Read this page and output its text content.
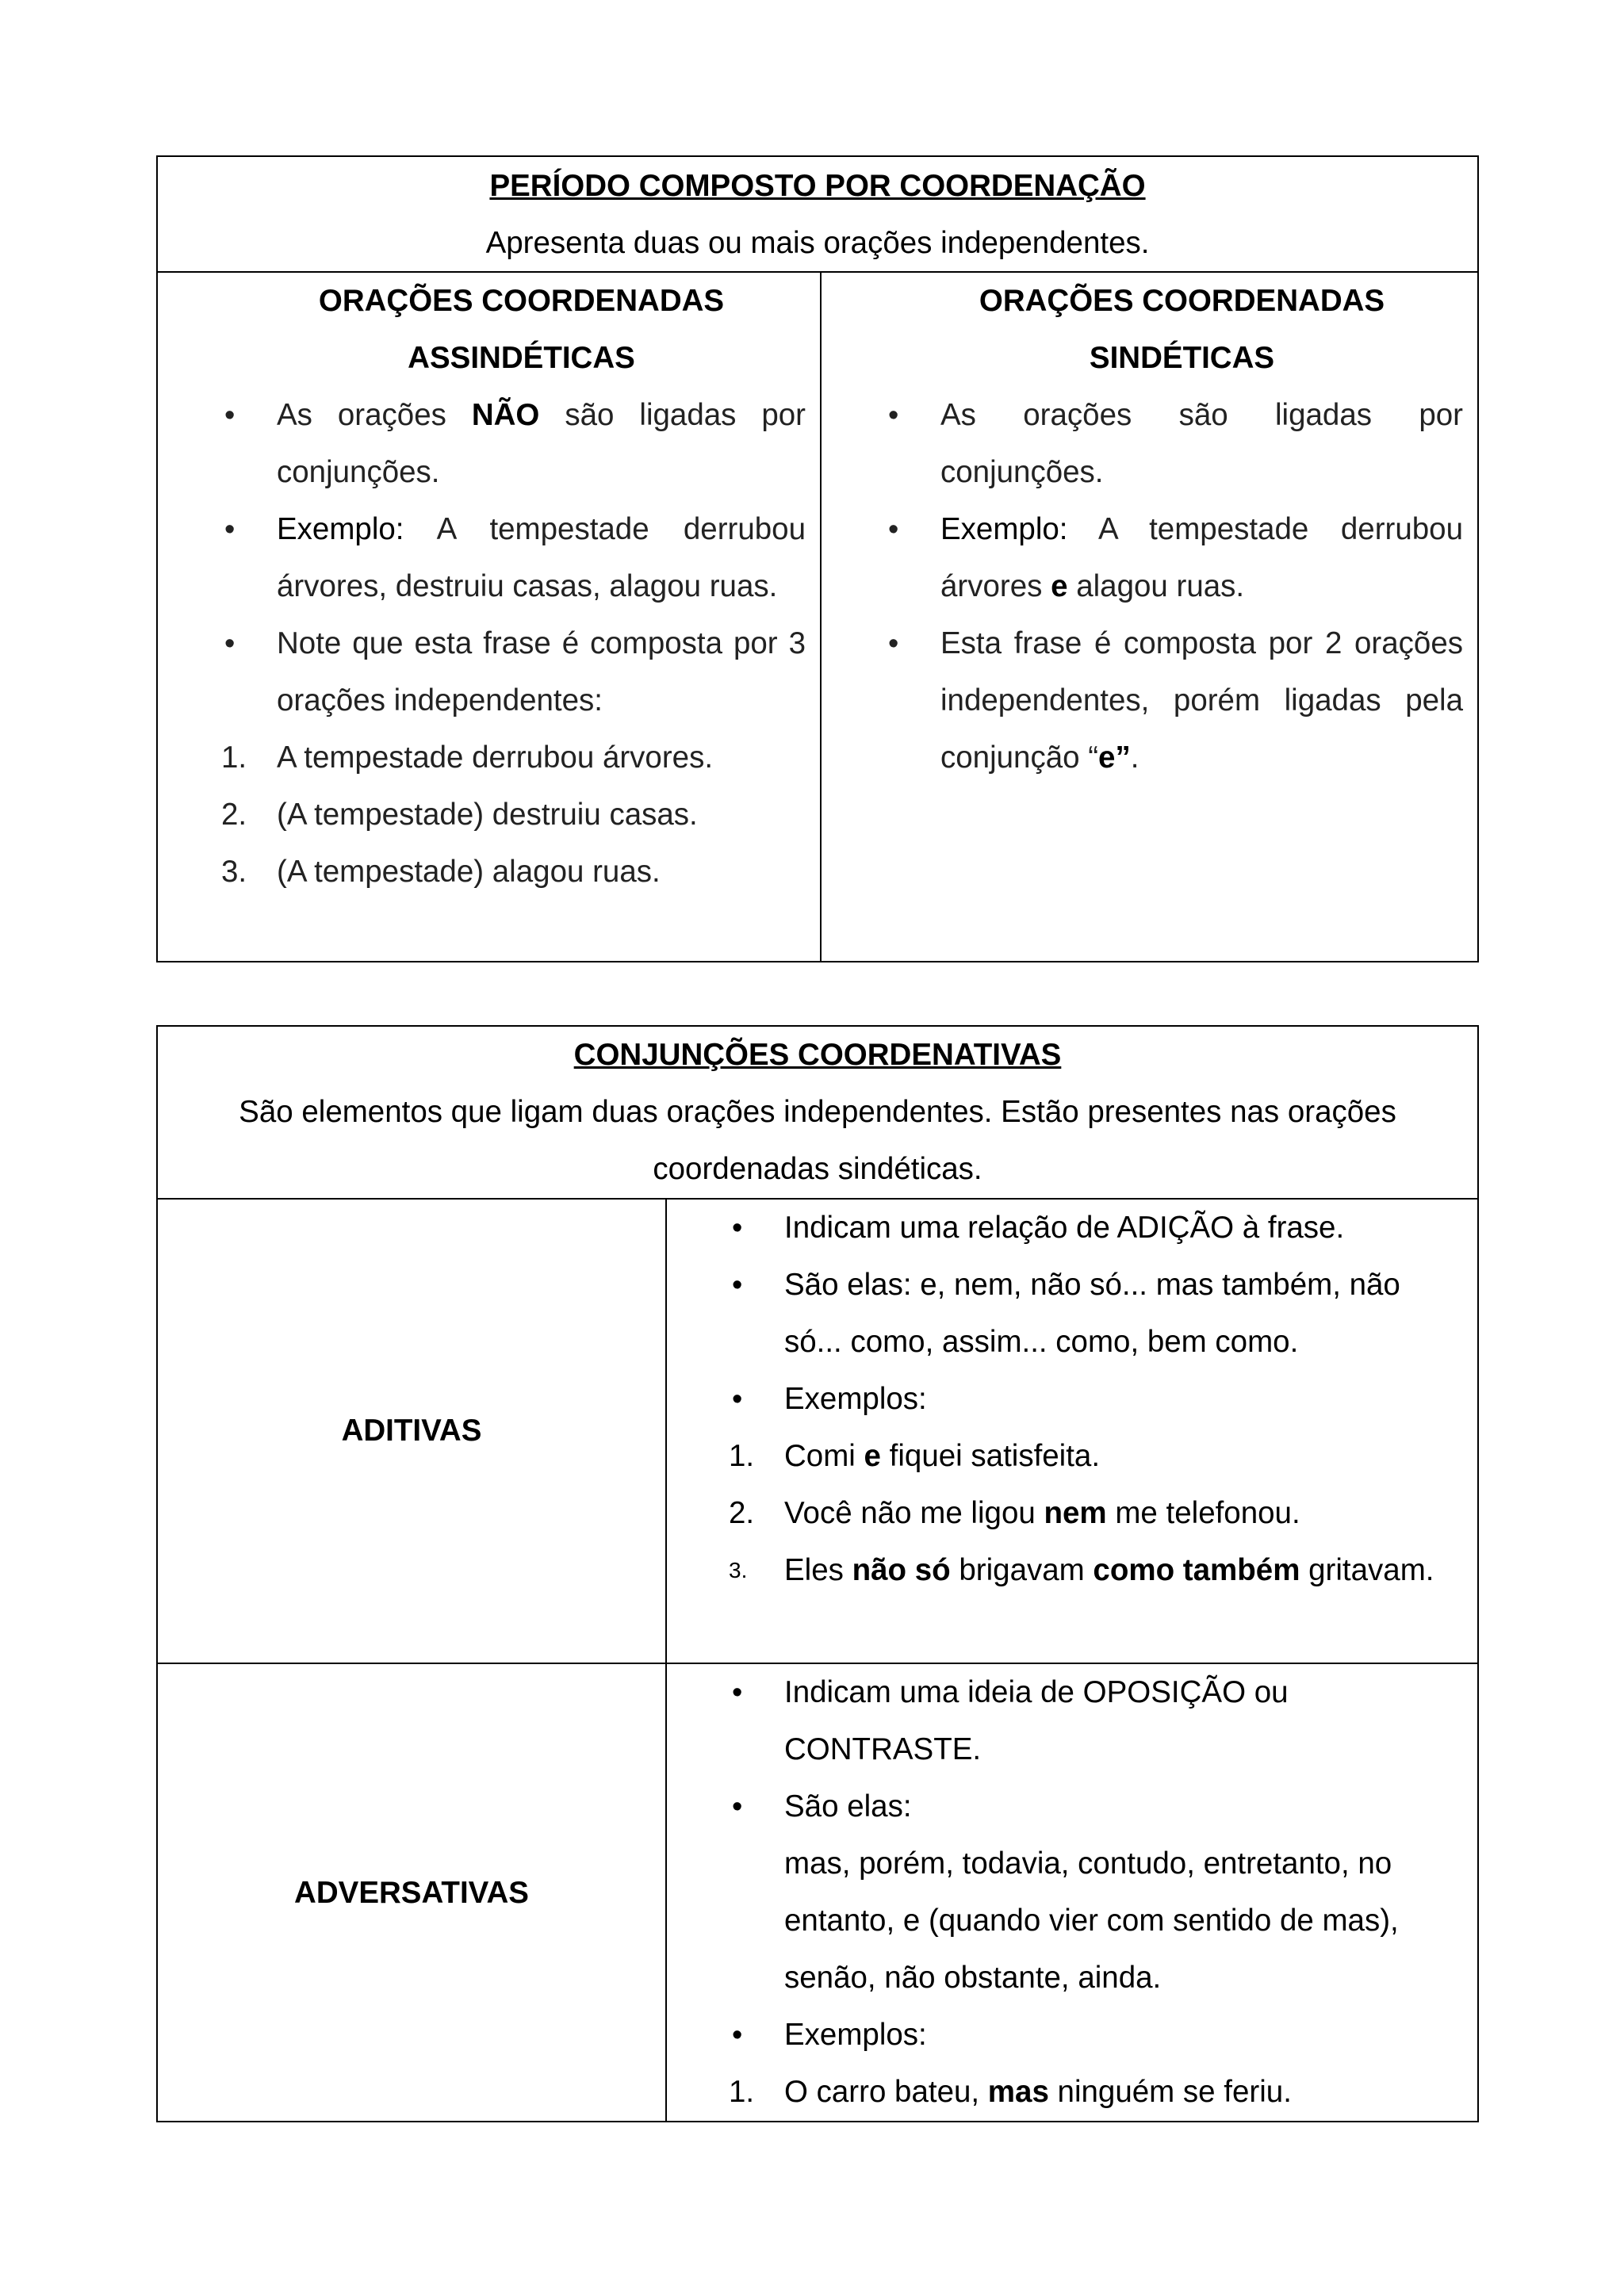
PERÍODO COMPOSTO POR COORDENAÇÃO
Apresenta duas ou mais orações independentes.
ORAÇÕES COORDENADAS
ASSINDÉTICAS
• As orações NÃO são ligadas por conjunções.
• Exemplo: A tempestade derrubou árvores, destruiu casas, alagou ruas.
• Note que esta frase é composta por 3 orações independentes:
1. A tempestade derrubou árvores.
2. (A tempestade) destruiu casas.
3. (A tempestade) alagou ruas.
ORAÇÕES COORDENADAS
SINDÉTICAS
• As orações são ligadas por conjunções.
• Exemplo: A tempestade derrubou árvores e alagou ruas.
• Esta frase é composta por 2 orações independentes, porém ligadas pela conjunção “e”.
CONJUNÇÕES COORDENATIVAS
São elementos que ligam duas orações independentes. Estão presentes nas orações coordenadas sindéticas.
ADITIVAS
• Indicam uma relação de ADIÇÃO à frase.
• São elas: e, nem, não só... mas também, não só... como, assim... como, bem como.
• Exemplos:
1. Comi e fiquei satisfeita.
2. Você não me ligou nem me telefonou.
3. Eles não só brigavam como também gritavam.
ADVERSATIVAS
• Indicam uma ideia de OPOSIÇÃO ou CONTRASTE.
• São elas:
mas, porém, todavia, contudo, entretanto, no entanto, e (quando vier com sentido de mas), senão, não obstante, ainda.
• Exemplos:
1. O carro bateu, mas ninguém se feriu.
